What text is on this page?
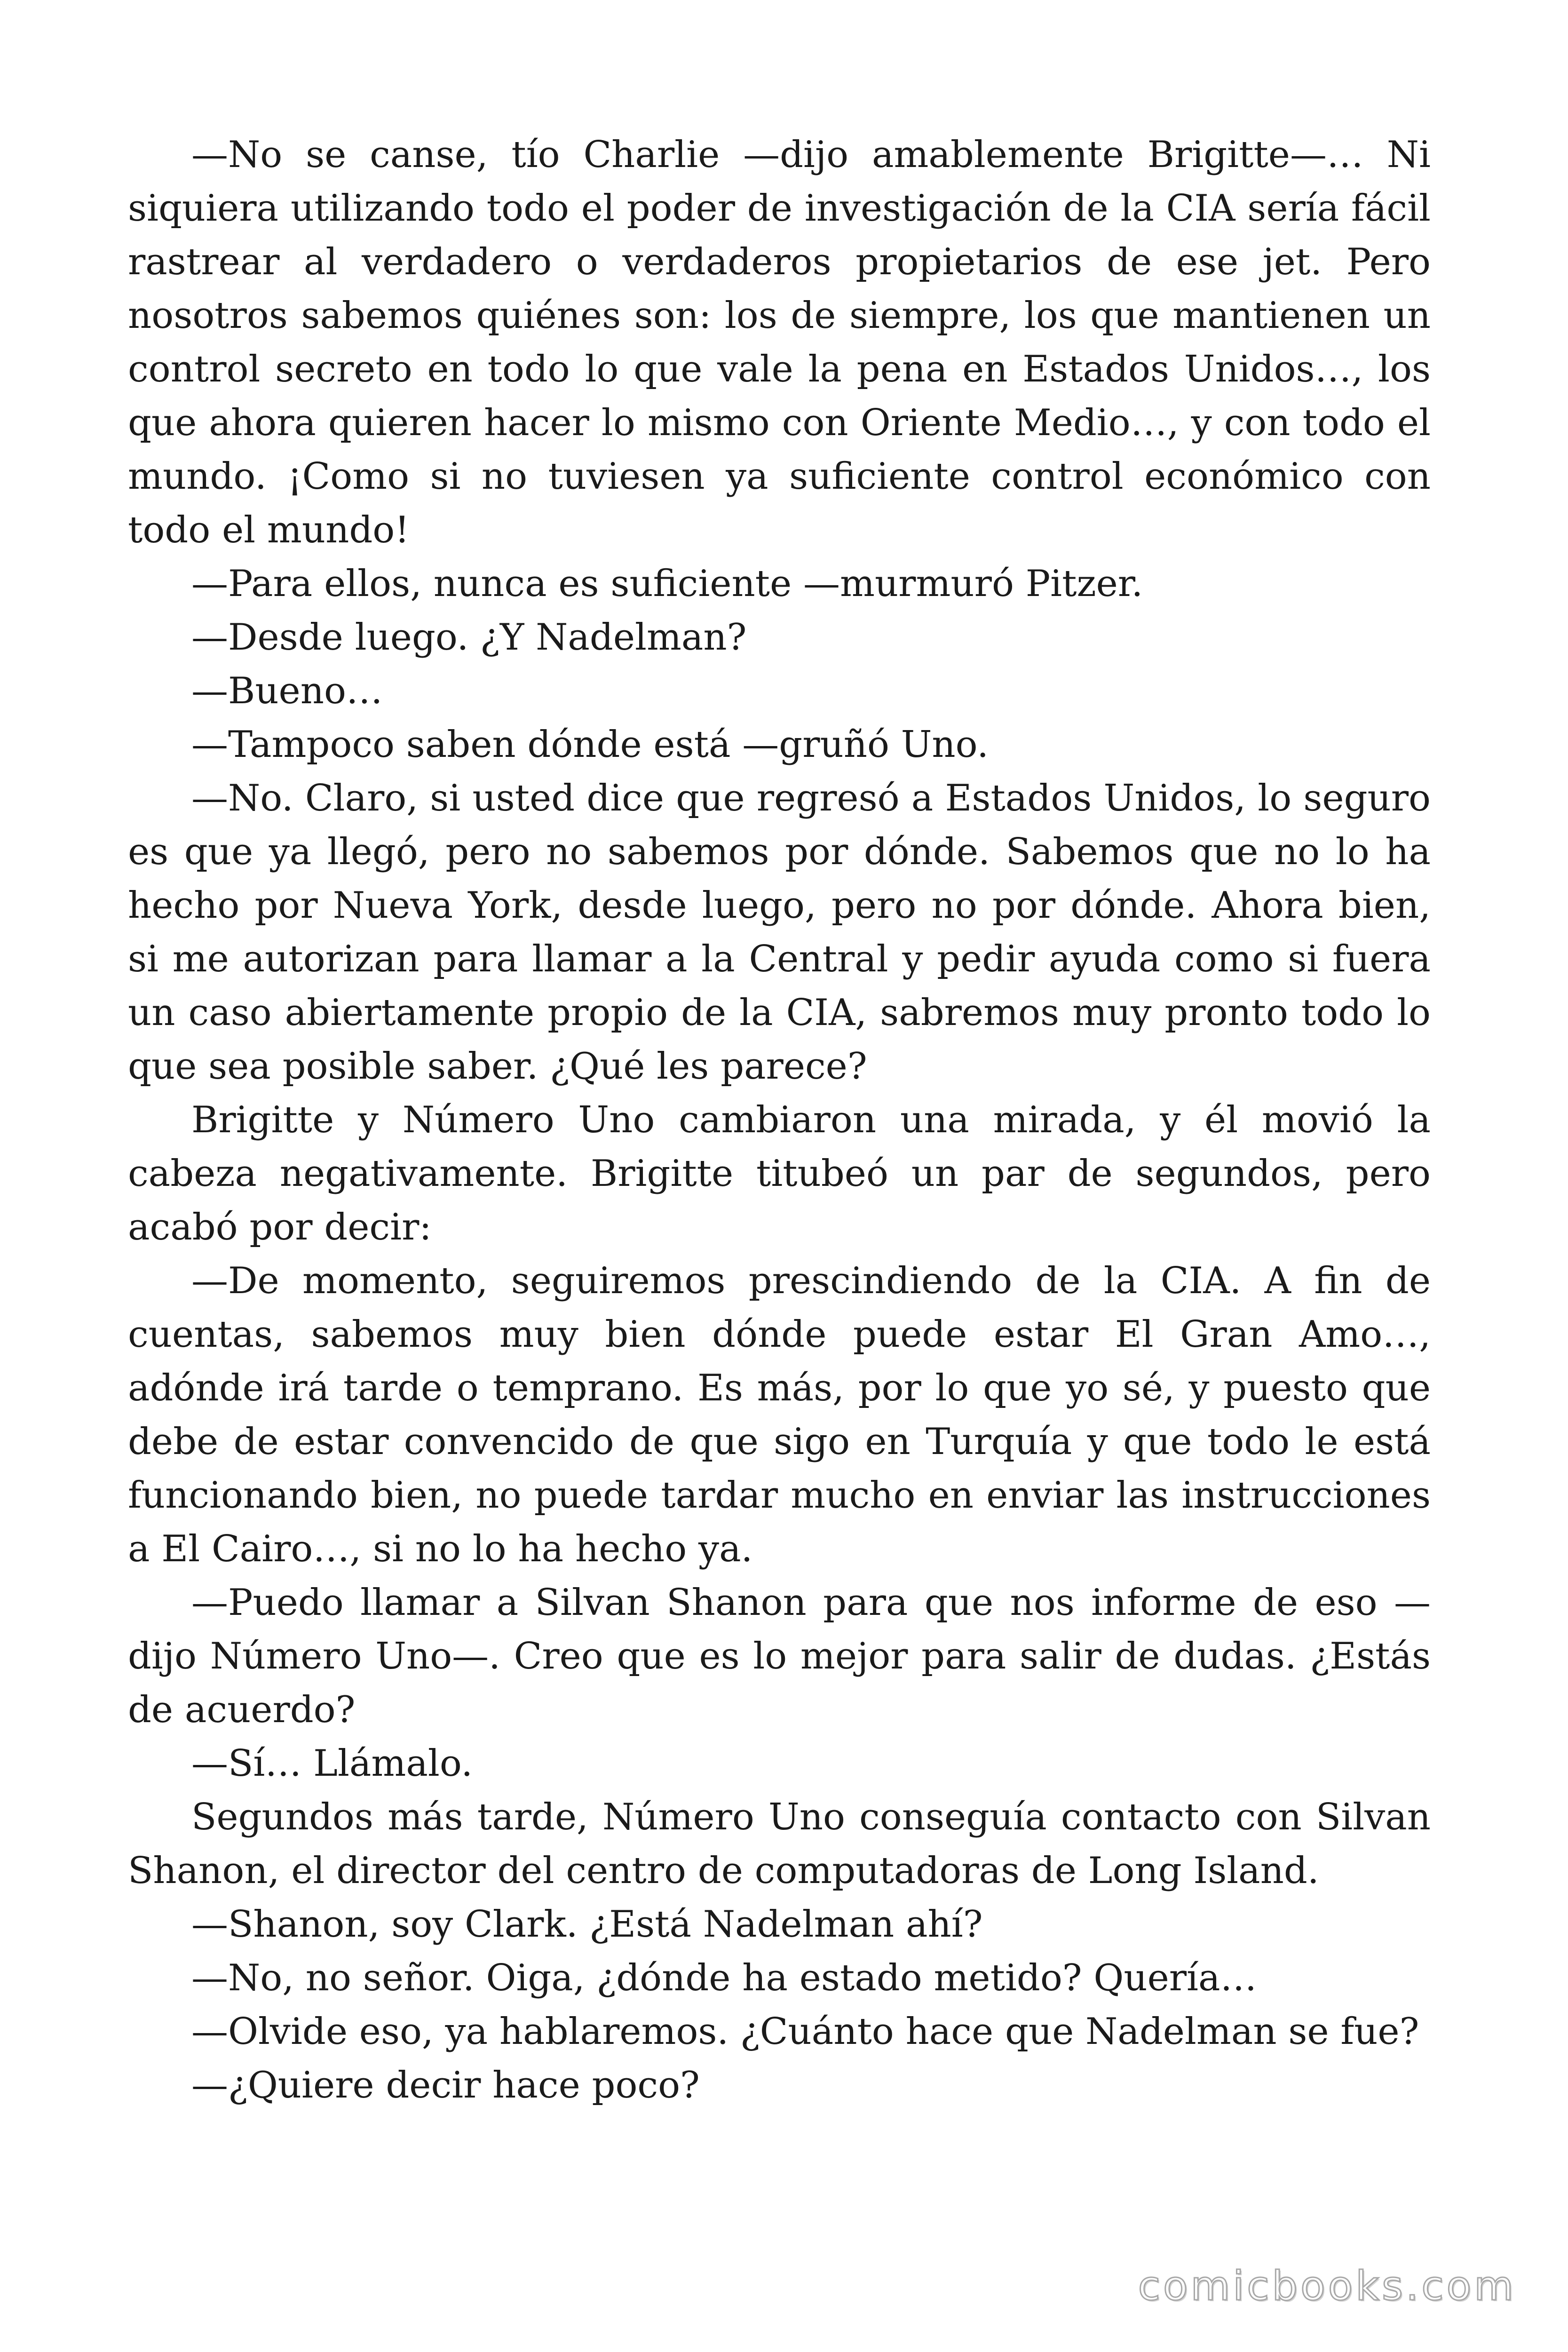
—No se canse, tío Charlie —dijo amablemente Brigitte—… Ni siquiera utilizando todo el poder de investigación de la CIA sería fácil rastrear al verdadero o verdaderos propietarios de ese jet. Pero nosotros sabemos quiénes son: los de siempre, los que mantienen un control secreto en todo lo que vale la pena en Estados Unidos…, los que ahora quieren hacer lo mismo con Oriente Medio…, y con todo el mundo. ¡Como si no tuviesen ya suficiente control económico con todo el mundo!

—Para ellos, nunca es suficiente —murmuró Pitzer.

—Desde luego. ¿Y Nadelman?

—Bueno…

—Tampoco saben dónde está —gruñó Uno.

—No. Claro, si usted dice que regresó a Estados Unidos, lo seguro es que ya llegó, pero no sabemos por dónde. Sabemos que no lo ha hecho por Nueva York, desde luego, pero no por dónde. Ahora bien, si me autorizan para llamar a la Central y pedir ayuda como si fuera un caso abiertamente propio de la CIA, sabremos muy pronto todo lo que sea posible saber. ¿Qué les parece?

Brigitte y Número Uno cambiaron una mirada, y él movió la cabeza negativamente. Brigitte titubeó un par de segundos, pero acabó por decir:

—De momento, seguiremos prescindiendo de la CIA. A fin de cuentas, sabemos muy bien dónde puede estar El Gran Amo…, adónde irá tarde o temprano. Es más, por lo que yo sé, y puesto que debe de estar convencido de que sigo en Turquía y que todo le está funcionando bien, no puede tardar mucho en enviar las instrucciones a El Cairo…, si no lo ha hecho ya.

—Puedo llamar a Silvan Shanon para que nos informe de eso —dijo Número Uno—. Creo que es lo mejor para salir de dudas. ¿Estás de acuerdo?

—Sí… Llámalo.

Segundos más tarde, Número Uno conseguía contacto con Silvan Shanon, el director del centro de computadoras de Long Island.

—Shanon, soy Clark. ¿Está Nadelman ahí?

—No, no señor. Oiga, ¿dónde ha estado metido? Quería…

—Olvide eso, ya hablaremos. ¿Cuánto hace que Nadelman se fue?

—¿Quiere decir hace poco?

comicbooks.com
